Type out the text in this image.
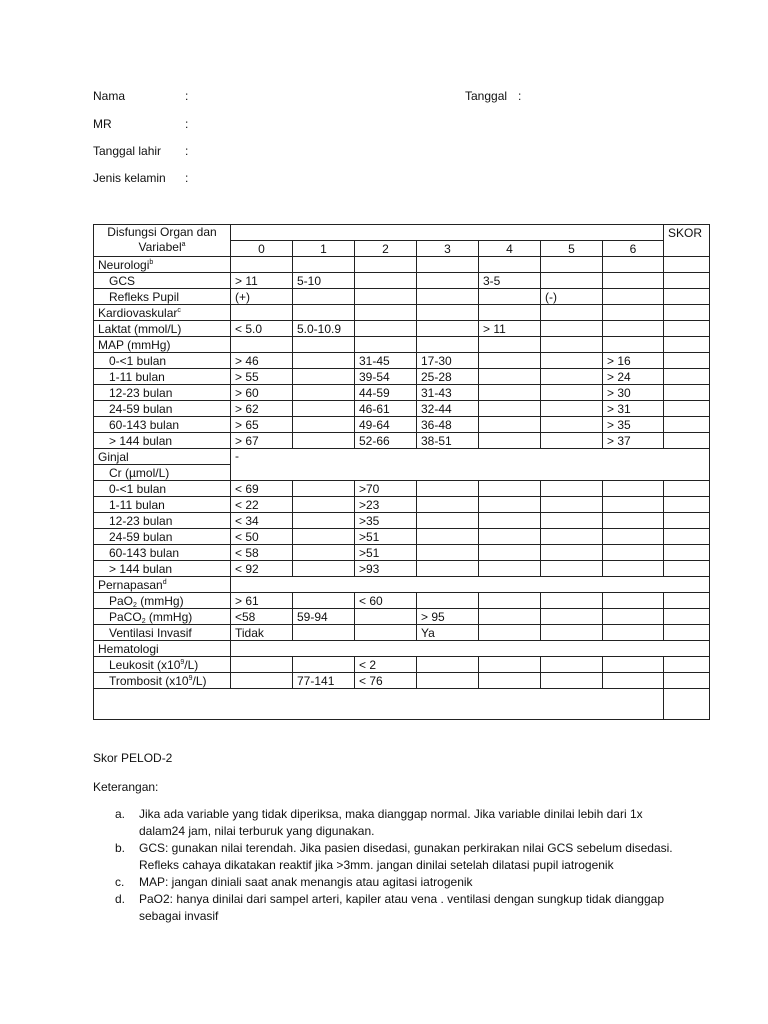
Nama	:	Tanggal :
MR	:
Tanggal lahir :
Jenis kelamin :
Disfungsi Organ dan
Variabel$^a$								SKOR
	0	1	2	3	4	5	6	
Neurologi$^b$								
GCS	> 11	5-10			3-5			
Refleks Pupil	(+)					(-)		
Kardiovaskular$^c$								
Laktat (mmol/L)	< 5.0	5.0-10.9			> 11			
MAP (mmHg)								
0-<1 bulan	> 46		31-45	17-30			> 16	
1-11 bulan	> 55		39-54	25-28			> 24	
12-23 bulan	> 60		44-59	31-43			> 30	
24-59 bulan	> 62		46-61	32-44			> 31	
60-143 bulan	> 65		49-64	36-48			> 35	
> 144 bulan	> 67		52-66	38-51			> 37	
Ginjal	-							
Cr (µmol/L)								
0-<1 bulan	< 69		>70					
1-11 bulan	< 22		>23					
12-23 bulan	< 34		>35					
24-59 bulan	< 50		>51					
60-143 bulan	< 58		>51					
> 144 bulan	< 92		>93					
Pernapasan$^d$	
PaO$_2$ (mmHg)	> 61		< 60					
PaCO$_2$ (mmHg)	<58	59-94		> 95				
Ventilasi Invasif	Tidak			Ya				
Hematologi								
Leukosit $(x10^9/L)$			< 2					
Trombosit $(x10^9/L)$		77-141	< 76					

Skor PELOD-2
Keterangan:
a. Jika ada variable yang tidak diperiksa, maka dianggap normal. Jika variable dinilai lebih dari 1x dalam24 jam, nilai terburuk yang digunakan.
b. GCS: gunakan nilai terendah. Jika pasien disedasi, gunakan perkirakan nilai GCS sebelum disedasi. Refleks cahaya dikatakan reaktif jika >3mm. jangan dinilai setelah dilatasi pupil iatrogenik
c. MAP: jangan diniali saat anak menangis atau agitasi iatrogenik
d. PaO2: hanya dinilai dari sampel arteri, kapiler atau vena . ventilasi dengan sungkup tidak dianggap sebagai invasif
